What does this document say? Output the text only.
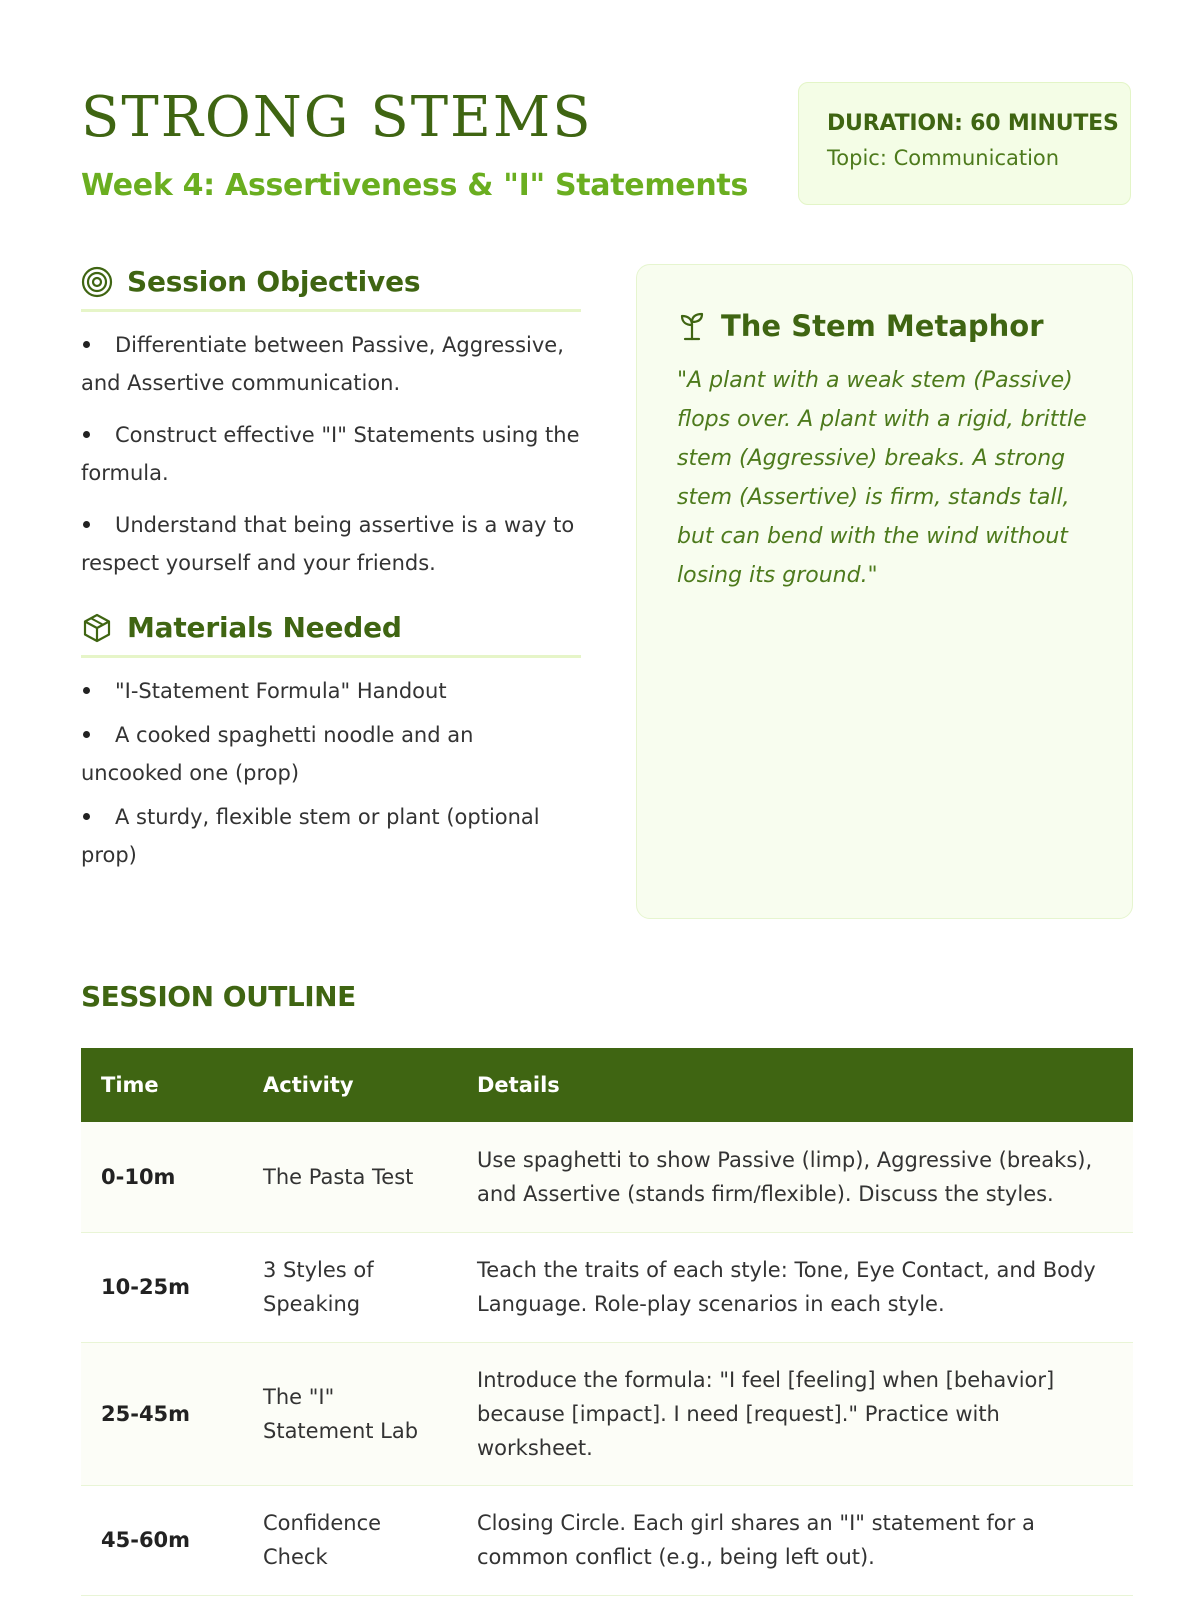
STRONG STEMS
Week 4: Assertiveness & "I" Statements
DURATION: 60 MINUTES
Topic: Communication
Session Objectives
Differentiate between Passive, Aggressive, and Assertive communication.
Construct effective "I" Statements using the formula.
Understand that being assertive is a way to respect yourself and your friends.
Materials Needed
"I-Statement Formula" Handout
A cooked spaghetti noodle and an uncooked one (prop)
A sturdy, flexible stem or plant (optional prop)
The Stem Metaphor
"A plant with a weak stem (Passive) flops over. A plant with a rigid, brittle stem (Aggressive) breaks. A strong stem (Assertive) is firm, stands tall, but can bend with the wind without losing its ground."
SESSION OUTLINE
Time	Activity	Details
0-10m	The Pasta Test	Use spaghetti to show Passive (limp), Aggressive (breaks), and Assertive (stands firm/flexible). Discuss the styles.
10-25m	3 Styles of Speaking	Teach the traits of each style: Tone, Eye Contact, and Body Language. Role-play scenarios in each style.
25-45m	The "I" Statement Lab	Introduce the formula: "I feel [feeling] when [behavior] because [impact]. I need [request]." Practice with worksheet.
45-60m	Confidence Check	Closing Circle. Each girl shares an "I" statement for a common conflict (e.g., being left out).
